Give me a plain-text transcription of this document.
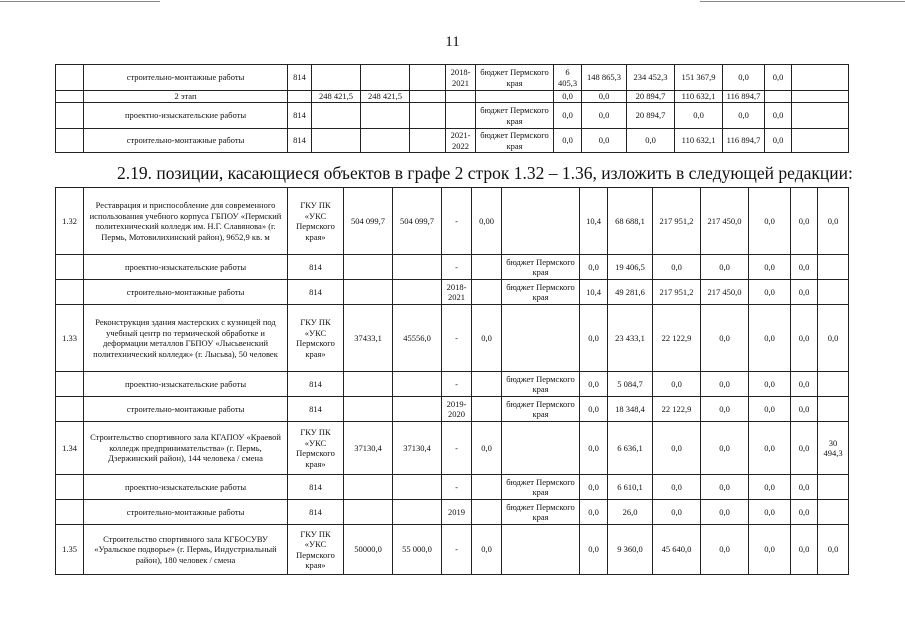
11
	строительно-монтажные работы	814				2018-2021	бюджет Пермского края	6 405,3	148 865,3	234 452,3	151 367,9	0,0	0,0	
	2 этап		248 421,5	248 421,5				0,0	0,0	20 894,7	110 632,1	116 894,7		
	проектно-изыскательские работы	814					бюджет Пермского края	0,0	0,0	20 894,7	0,0	0,0	0,0	
	строительно-монтажные работы	814				2021-2022	бюджет Пермского края	0,0	0,0	0,0	110 632,1	116 894,7	0,0	
2.19. позиции, касающиеся объектов в графе 2 строк 1.32 – 1.36, изложить в следующей редакции:
1.32	Реставрация и приспособление для современного использования учебного корпуса ГБПОУ «Пермский политехнический колледж им. Н.Г. Славянова» (г. Пермь, Мотовилихинский район), 9652,9 кв. м	ГКУ ПК «УКС Пермского края»	504 099,7	504 099,7	-	0,00		10,4	68 688,1	217 951,2	217 450,0	0,0	0,0	0,0
	проектно-изыскательские работы	814			-		бюджет Пермского края	0,0	19 406,5	0,0	0,0	0,0	0,0	
	строительно-монтажные работы	814			2018-2021		бюджет Пермского края	10,4	49 281,6	217 951,2	217 450,0	0,0	0,0	
1.33	Реконструкция здания мастерских с кузницей под учебный центр по термической обработке и деформации металлов ГБПОУ «Лысьвенский политехнический колледж» (г. Лысьва), 50 человек	ГКУ ПК «УКС Пермского края»	37433,1	45556,0	-	0,0		0,0	23 433,1	22 122,9	0,0	0,0	0,0	0,0
	проектно-изыскательские работы	814			-		бюджет Пермского края	0,0	5 084,7	0,0	0,0	0,0	0,0	
	строительно-монтажные работы	814			2019-2020		бюджет Пермского края	0,0	18 348,4	22 122,9	0,0	0,0	0,0	
1.34	Строительство спортивного зала КГАПОУ «Краевой колледж предпринимательства» (г. Пермь, Дзержинский район), 144 человека / смена	ГКУ ПК «УКС Пермского края»	37130,4	37130,4	-	0,0		0,0	6 636,1	0,0	0,0	0,0	0,0	30 494,3
	проектно-изыскательские работы	814			-		бюджет Пермского края	0,0	6 610,1	0,0	0,0	0,0	0,0	
	строительно-монтажные работы	814			2019		бюджет Пермского края	0,0	26,0	0,0	0,0	0,0	0,0	
1.35	Строительство спортивного зала КГБОСУВУ «Уральское подворье» (г. Пермь, Индустриальный район), 180 человек / смена	ГКУ ПК «УКС Пермского края»	50000,0	55 000,0	-	0,0		0,0	9 360,0	45 640,0	0,0	0,0	0,0	0,0
